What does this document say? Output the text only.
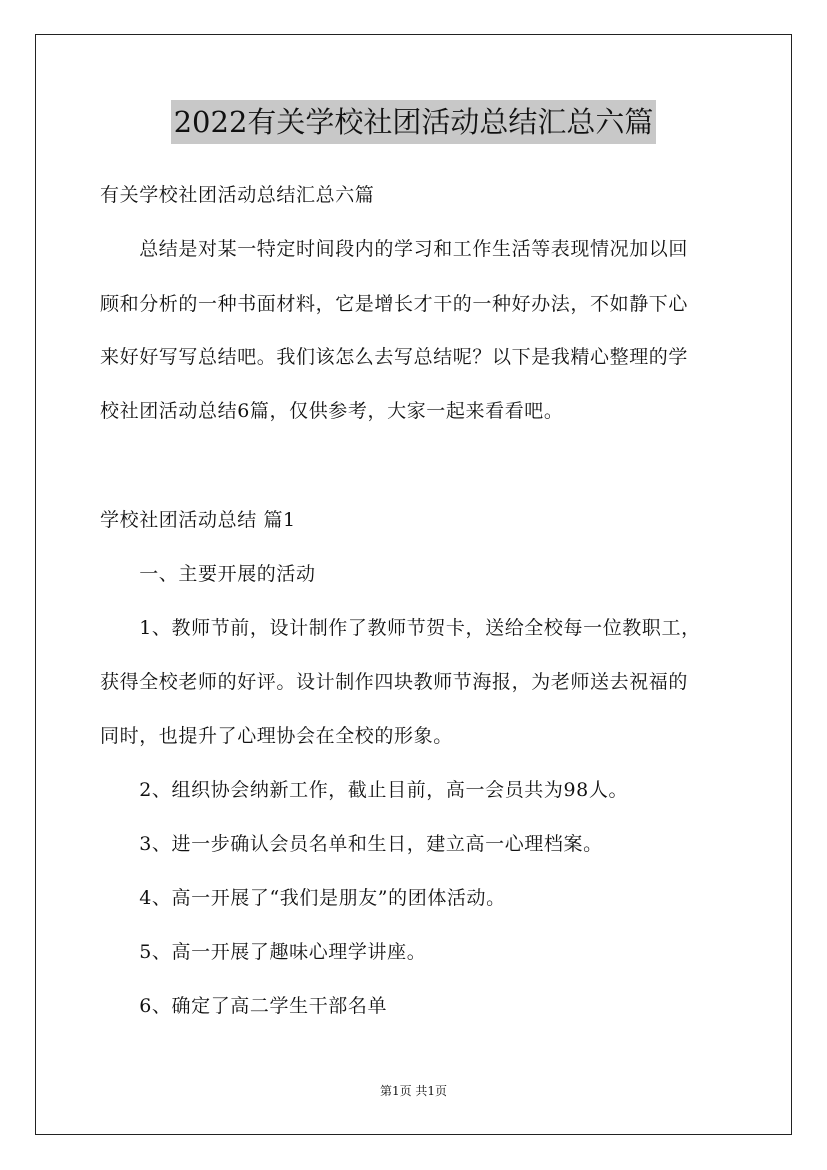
2022有关学校社团活动总结汇总六篇
有关学校社团活动总结汇总六篇
　　总结是对某一特定时间段内的学习和工作生活等表现情况加以回
顾和分析的一种书面材料，它是增长才干的一种好办法，不如静下心
来好好写写总结吧。我们该怎么去写总结呢？以下是我精心整理的学
校社团活动总结6篇，仅供参考，大家一起来看看吧。
学校社团活动总结 篇1
　　一、主要开展的活动
　　1、教师节前，设计制作了教师节贺卡，送给全校每一位教职工，
获得全校老师的好评。设计制作四块教师节海报，为老师送去祝福的
同时，也提升了心理协会在全校的形象。
　　2、组织协会纳新工作，截止目前，高一会员共为98人。
　　3、进一步确认会员名单和生日，建立高一心理档案。
　　4、高一开展了“我们是朋友”的团体活动。
　　5、高一开展了趣味心理学讲座。
　　6、确定了高二学生干部名单
第1页 共1页
